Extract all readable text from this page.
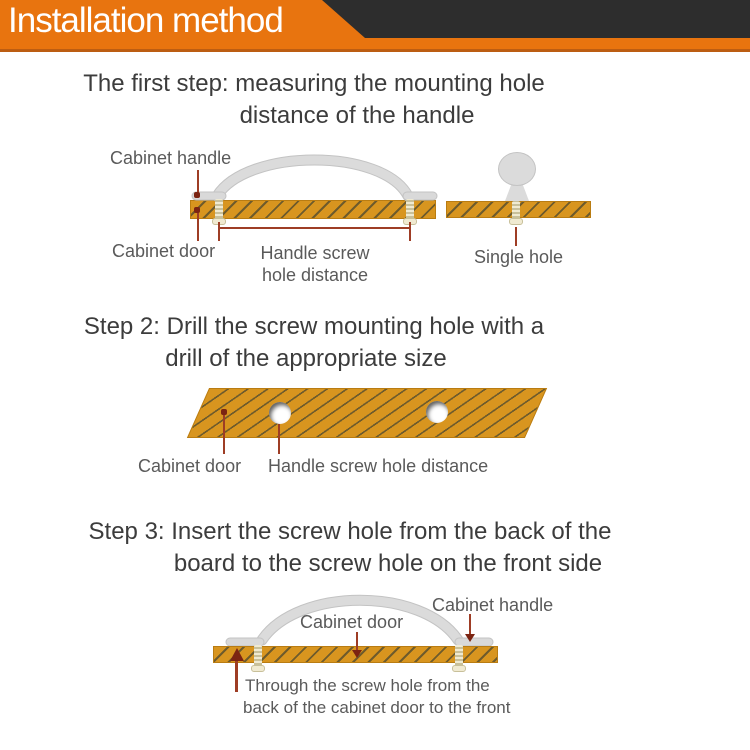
Installation method
The first step: measuring the mounting hole
distance of the handle
Cabinet handle
Cabinet door	Handle screw
hole distance
Single hole
Step 2: Drill the screw mounting hole with a
drill of the appropriate size
Cabinet door Handle screw hole distance
Step 3: Insert the screw hole from the back of the
board to the screw hole on the front side
Cabinet door
Cabinet handle
Through the screw hole from the
back of the cabinet door to the front
